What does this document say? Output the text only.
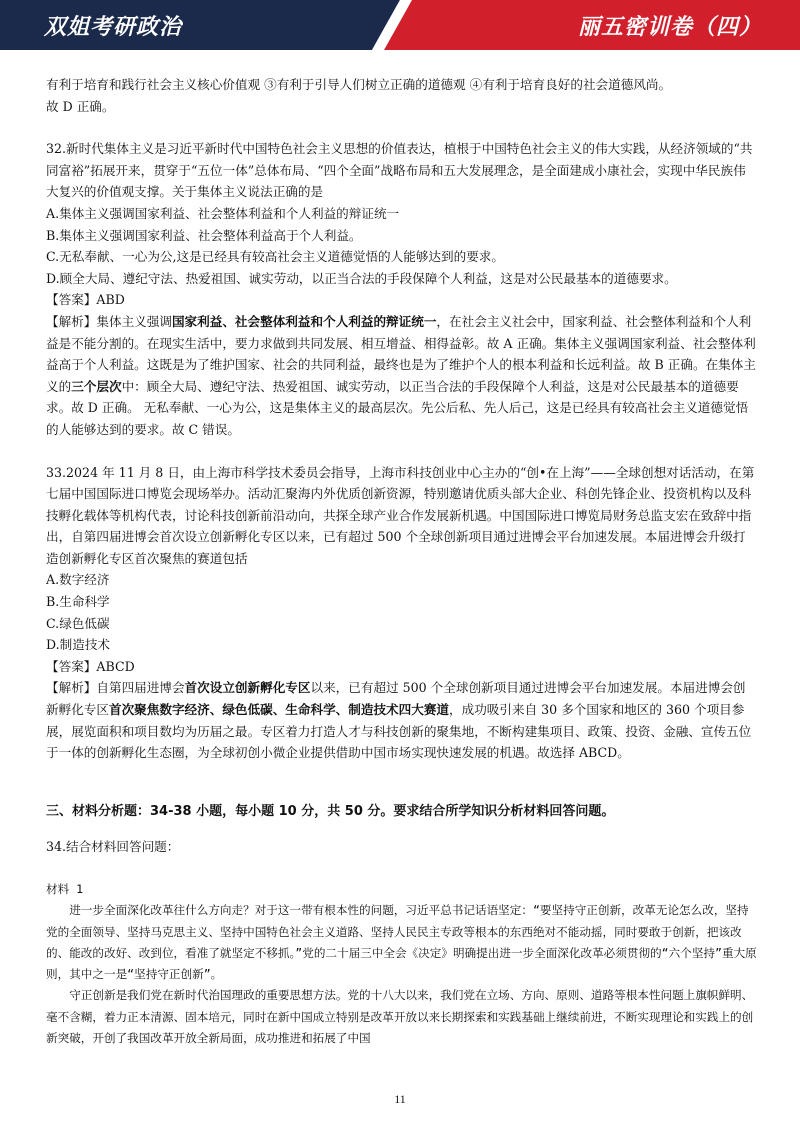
双姐考研政治	丽五密训卷（四）

有利于培育和践行社会主义核心价值观 ③有利于引导人们树立正确的道德观 ④有利于培育良好的社会道德风尚。

故 D 正确。

32.新时代集体主义是习近平新时代中国特色社会主义思想的价值表达，植根于中国特色社会主义的伟大实践，从经济领域的“共同富裕”拓展开来，贯穿于“五位一体”总体布局、“四个全面”战略布局和五大发展理念，是全面建成小康社会，实现中华民族伟大复兴的价值观支撑。关于集体主义说法正确的是

A.集体主义强调国家利益、社会整体利益和个人利益的辩证统一

B.集体主义强调国家利益、社会整体利益高于个人利益。

C.无私奉献、一心为公,这是已经具有较高社会主义道德觉悟的人能够达到的要求。

D.顾全大局、遵纪守法、热爱祖国、诚实劳动，以正当合法的手段保障个人利益，这是对公民最基本的道德要求。

【答案】ABD

【解析】集体主义强调国家利益、社会整体利益和个人利益的辩证统一，在社会主义社会中，国家利益、社会整体利益和个人利益是不能分割的。在现实生活中，要力求做到共同发展、相互增益、相得益彰。故 A 正确。集体主义强调国家利益、社会整体利益高于个人利益。这既是为了维护国家、社会的共同利益，最终也是为了维护个人的根本利益和长远利益。故 B 正确。在集体主义的三个层次中：顾全大局、遵纪守法、热爱祖国、诚实劳动，以正当合法的手段保障个人利益，这是对公民最基本的道德要求。故 D 正确。 无私奉献、一心为公，这是集体主义的最高层次。先公后私、先人后己，这是已经具有较高社会主义道德觉悟的人能够达到的要求。故 C 错误。

33.2024 年 11 月 8 日，由上海市科学技术委员会指导，上海市科技创业中心主办的“创•在上海”——全球创想对话活动，在第七届中国国际进口博览会现场举办。活动汇聚海内外优质创新资源，特别邀请优质头部大企业、科创先锋企业、投资机构以及科技孵化载体等机构代表，讨论科技创新前沿动向，共探全球产业合作发展新机遇。中国国际进口博览局财务总监支宏在致辞中指出，自第四届进博会首次设立创新孵化专区以来，已有超过 500 个全球创新项目通过进博会平台加速发展。本届进博会升级打造创新孵化专区首次聚焦的赛道包括

A.数字经济

B.生命科学

C.绿色低碳

D.制造技术

【答案】ABCD

【解析】自第四届进博会首次设立创新孵化专区以来，已有超过 500 个全球创新项目通过进博会平台加速发展。本届进博会创新孵化专区首次聚焦数字经济、绿色低碳、生命科学、制造技术四大赛道，成功吸引来自 30 多个国家和地区的 360 个项目参展，展览面积和项目数均为历届之最。专区着力打造人才与科技创新的聚集地，不断构建集项目、政策、投资、金融、宣传五位于一体的创新孵化生态圈，为全球初创小微企业提供借助中国市场实现快速发展的机遇。故选择 ABCD。

三、材料分析题：34-38 小题，每小题 10 分，共 50 分。要求结合所学知识分析材料回答问题。

34.结合材料回答问题：

材料 1

进一步全面深化改革往什么方向走？对于这一带有根本性的问题，习近平总书记话语坚定：“要坚持守正创新，改革无论怎么改，坚持党的全面领导、坚持马克思主义、坚持中国特色社会主义道路、坚持人民民主专政等根本的东西绝对不能动摇，同时要敢于创新，把该改的、能改的改好、改到位，看准了就坚定不移抓。”党的二十届三中全会《决定》明确提出进一步全面深化改革必须贯彻的“六个坚持”重大原则，其中之一是“坚持守正创新”。

守正创新是我们党在新时代治国理政的重要思想方法。党的十八大以来，我们党在立场、方向、原则、道路等根本性问题上旗帜鲜明、毫不含糊，着力正本清源、固本培元，同时在新中国成立特别是改革开放以来长期探索和实践基础上继续前进，不断实现理论和实践上的创新突破，开创了我国改革开放全新局面，成功推进和拓展了中国

11
